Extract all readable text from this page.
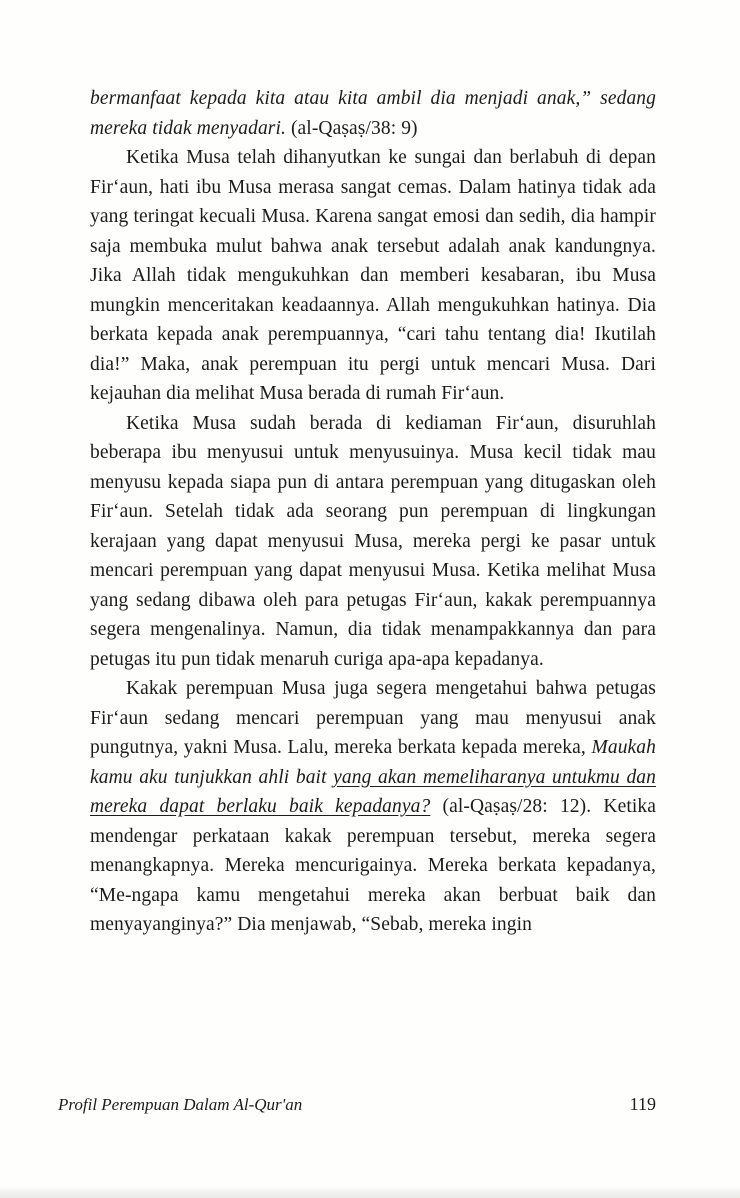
bermanfaat kepada kita atau kita ambil dia menjadi anak,” sedang mereka tidak menyadari. (al-Qaṣaṣ/38: 9)

Ketika Musa telah dihanyutkan ke sungai dan berlabuh di depan Firʻaun, hati ibu Musa merasa sangat cemas. Dalam hatinya tidak ada yang teringat kecuali Musa. Karena sangat emosi dan sedih, dia hampir saja membuka mulut bahwa anak tersebut adalah anak kandungnya. Jika Allah tidak mengukuhkan dan memberi kesabaran, ibu Musa mungkin menceritakan keadaannya. Allah mengukuhkan hatinya. Dia berkata kepada anak perempuannya, “cari tahu tentang dia! Ikutilah dia!” Maka, anak perempuan itu pergi untuk mencari Musa. Dari kejauhan dia melihat Musa berada di rumah Firʻaun.

Ketika Musa sudah berada di kediaman Firʻaun, disuruhlah beberapa ibu menyusui untuk menyusuinya. Musa kecil tidak mau menyusu kepada siapa pun di antara perempuan yang ditugaskan oleh Firʻaun. Setelah tidak ada seorang pun perempuan di lingkungan kerajaan yang dapat menyusui Musa, mereka pergi ke pasar untuk mencari perempuan yang dapat menyusui Musa. Ketika melihat Musa yang sedang dibawa oleh para petugas Firʻaun, kakak perempuannya segera mengenalinya. Namun, dia tidak menampakkannya dan para petugas itu pun tidak menaruh curiga apa-apa kepadanya.

Kakak perempuan Musa juga segera mengetahui bahwa petugas Firʻaun sedang mencari perempuan yang mau menyusui anak pungutnya, yakni Musa. Lalu, mereka berkata kepada mereka, Maukah kamu aku tunjukkan ahli bait yang akan memeliharanya untukmu dan mereka dapat berlaku baik kepadanya? (al-Qaṣaṣ/28: 12). Ketika mendengar perkataan kakak perempuan tersebut, mereka segera menangkapnya. Mereka mencurigainya. Mereka berkata kepadanya, “Me-ngapa kamu mengetahui mereka akan berbuat baik dan menyayanginya?” Dia menjawab, “Sebab, mereka ingin

Profil Perempuan Dalam Al-Qur'an	119
